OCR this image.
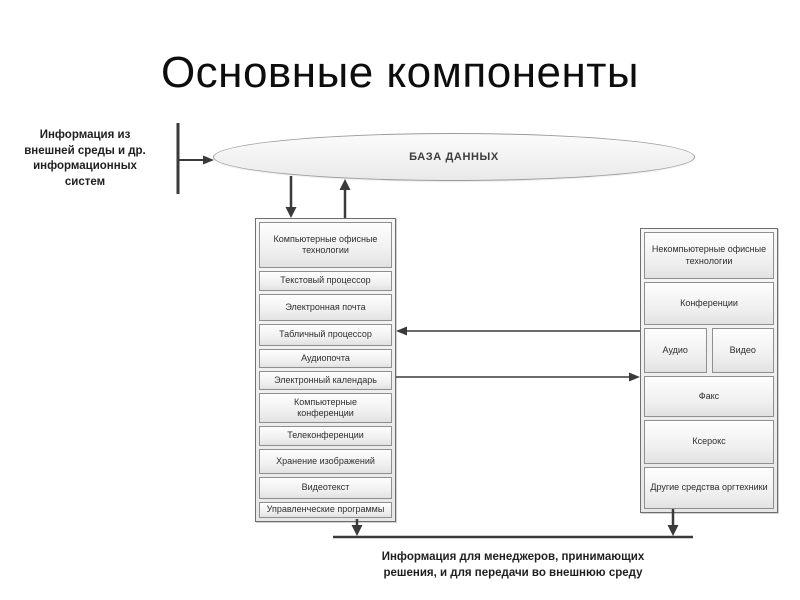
Основные компоненты
Информация из
внешней среды и др.
информационных
систем
БАЗА ДАННЫХ
Компьютерные офисные технологии
Текстовый процессор
Электронная почта
Табличный процессор
Аудиопочта
Электронный календарь
Компьютерные конференции
Телеконференции
Хранение изображений
Видеотекст
Управленческие программы
Некомпьютерные офисные технологии
Конференции
Аудио	Видео
Факс
Ксерокс
Другие средства оргтехники
Информация для менеджеров, принимающих
решения, и для передачи во внешнюю среду
